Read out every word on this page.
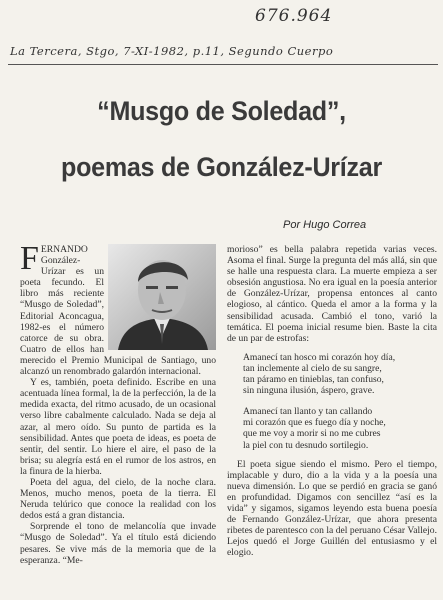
676.964
La Tercera, Stgo, 7-XI-1982, p.11, Segundo Cuerpo
“Musgo de Soledad”,
poemas de González-Urízar
Por Hugo Correa
F ERNANDO González-Urízar es un poeta fecundo. El libro más reciente “Musgo de Soledad”, Editorial Aconcagua, 1982-es el número catorce de su obra. Cuatro de ellos han merecido el Premio Municipal de Santiago, uno alcanzó un renombrado galardón internacional.

Y es, también, poeta definido. Escribe en una acentuada línea formal, la de la perfección, la de la medida exacta, del ritmo acusado, de un ocasional verso libre cabalmente calculado. Nada se deja al azar, al mero oído. Su punto de partida es la sensibilidad. Antes que poeta de ideas, es poeta de sentir, del sentir. Lo hiere el aire, el paso de la brisa; su alegría está en el rumor de los astros, en la finura de la hierba.

Poeta del agua, del cielo, de la noche clara. Menos, mucho menos, poeta de la tierra. El Neruda telúrico que conoce la realidad con los dedos está a gran distancia.

Sorprende el tono de melancolía que invade “Musgo de Soledad”. Ya el título está diciendo pesares. Se vive más de la memoria que de la esperanza. “Me-

morioso” es bella palabra repetida varias veces. Asoma el final. Surge la pregunta del más allá, sin que se halle una respuesta clara. La muerte empieza a ser obsesión angustiosa. No era igual en la poesía anterior de González-Urízar, propensa entonces al canto elogioso, al cántico. Queda el amor a la forma y la sensibilidad acusada. Cambió el tono, varió la temática. El poema inicial resume bien. Baste la cita de un par de estrofas:

Amanecí tan hosco mi corazón hoy día,
tan inclemente al cielo de su sangre,
tan páramo en tinieblas, tan confuso,
sin ninguna ilusión, áspero, grave.
Amanecí tan llanto y tan callando
mi corazón que es fuego día y noche,
que me voy a morir si no me cubres
la piel con tu desnudo sortilegio.

El poeta sigue siendo el mismo. Pero el tiempo, implacable y duro, dio a la vida y a la poesía una nueva dimensión. Lo que se perdió en gracia se ganó en profundidad. Digamos con sencillez “así es la vida” y sigamos, sigamos leyendo esta buena poesía de Fernando González-Urízar, que ahora presenta ribetes de parentesco con la del peruano César Vallejo. Lejos quedó el Jorge Guillén del entusiasmo y el elogio.
